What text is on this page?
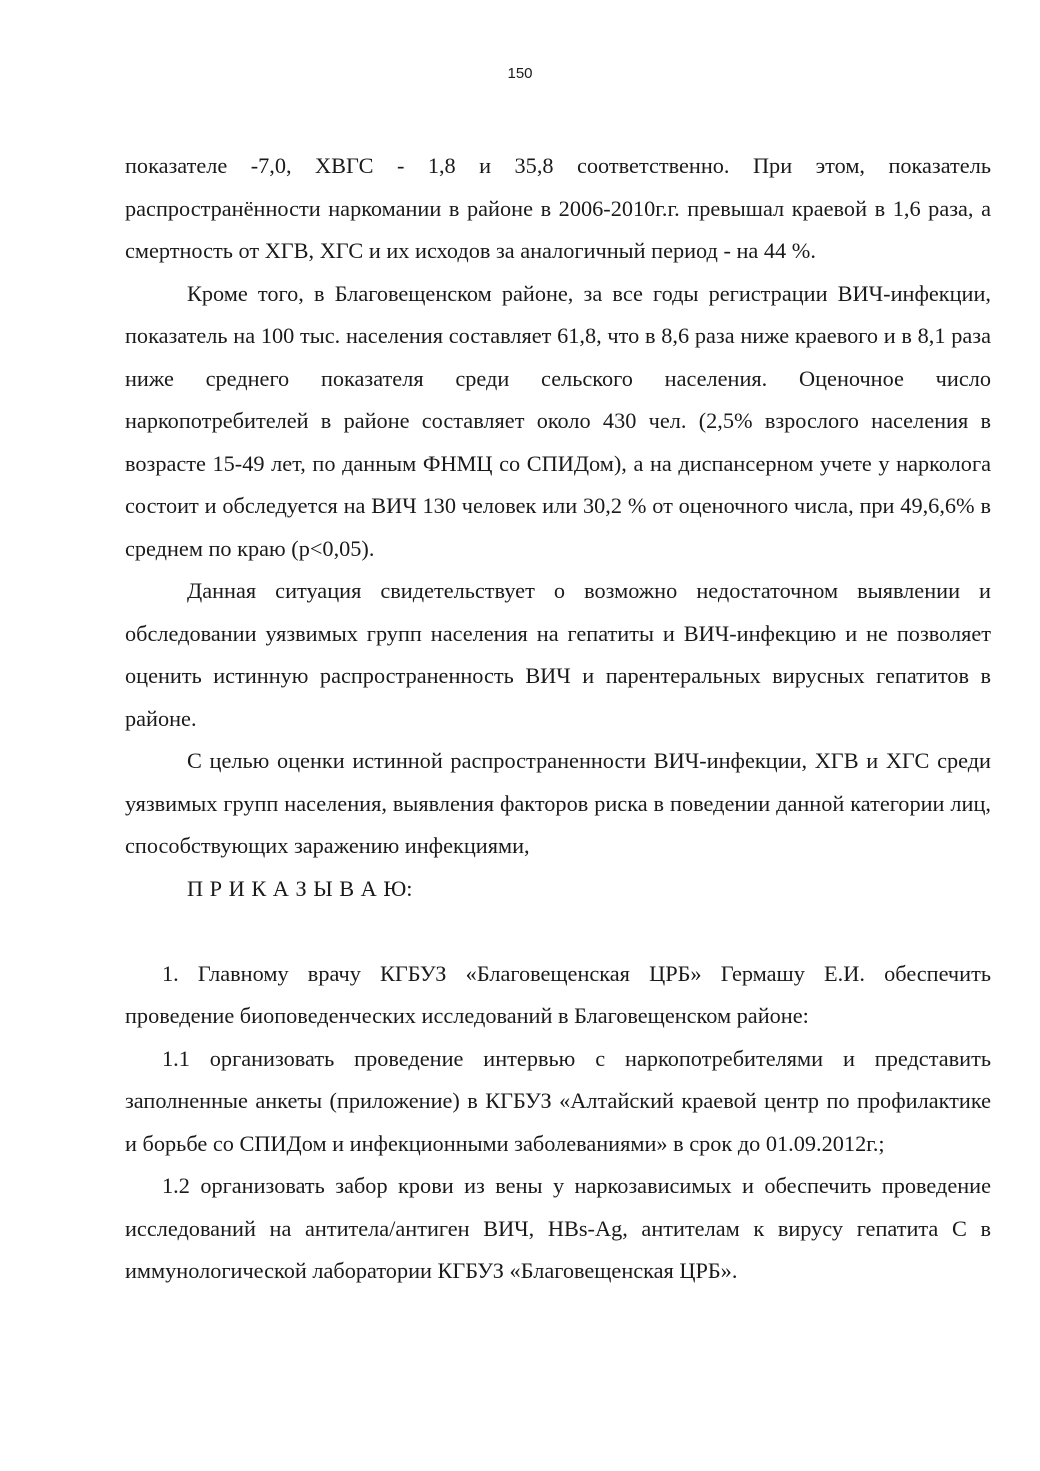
150

показателе -7,0, ХВГС - 1,8 и 35,8 соответственно. При этом, показатель распространённости наркомании в районе в 2006-2010г.г. превышал краевой в 1,6 раза, а смертность от ХГВ, ХГС и их исходов за аналогичный период - на 44 %.

Кроме того, в Благовещенском районе, за все годы регистрации ВИЧ-инфекции, показатель на 100 тыс. населения составляет 61,8, что в 8,6 раза ниже краевого и в 8,1 раза ниже среднего показателя среди сельского населения. Оценочное число наркопотребителей в районе составляет около 430 чел. (2,5% взрослого населения в возрасте 15-49 лет, по данным ФНМЦ со СПИДом), а на диспансерном учете у нарколога состоит и обследуется на ВИЧ 130 человек или 30,2 % от оценочного числа, при 49,6,6% в среднем по краю (р<0,05).

Данная ситуация свидетельствует о возможно недостаточном выявлении и обследовании уязвимых групп населения на гепатиты и ВИЧ-инфекцию и не позволяет оценить истинную распространенность ВИЧ и парентеральных вирусных гепатитов в районе.

С целью оценки истинной распространенности ВИЧ-инфекции, ХГВ и ХГС среди уязвимых групп населения, выявления факторов риска в поведении данной категории лиц, способствующих заражению инфекциями,

П Р И К А З Ы В А Ю:

1. Главному врачу КГБУЗ «Благовещенская ЦРБ» Гермашу Е.И. обеспечить проведение биоповеденческих исследований в Благовещенском районе:

1.1 организовать проведение интервью с наркопотребителями и представить заполненные анкеты (приложение) в КГБУЗ «Алтайский краевой центр по профилактике и борьбе со СПИДом и инфекционными заболеваниями» в срок до 01.09.2012г.;

1.2 организовать забор крови из вены у наркозависимых и обеспечить проведение исследований на антитела/антиген ВИЧ, HBs-Ag, антителам к вирусу гепатита С в иммунологической лаборатории КГБУЗ «Благовещенская ЦРБ».
